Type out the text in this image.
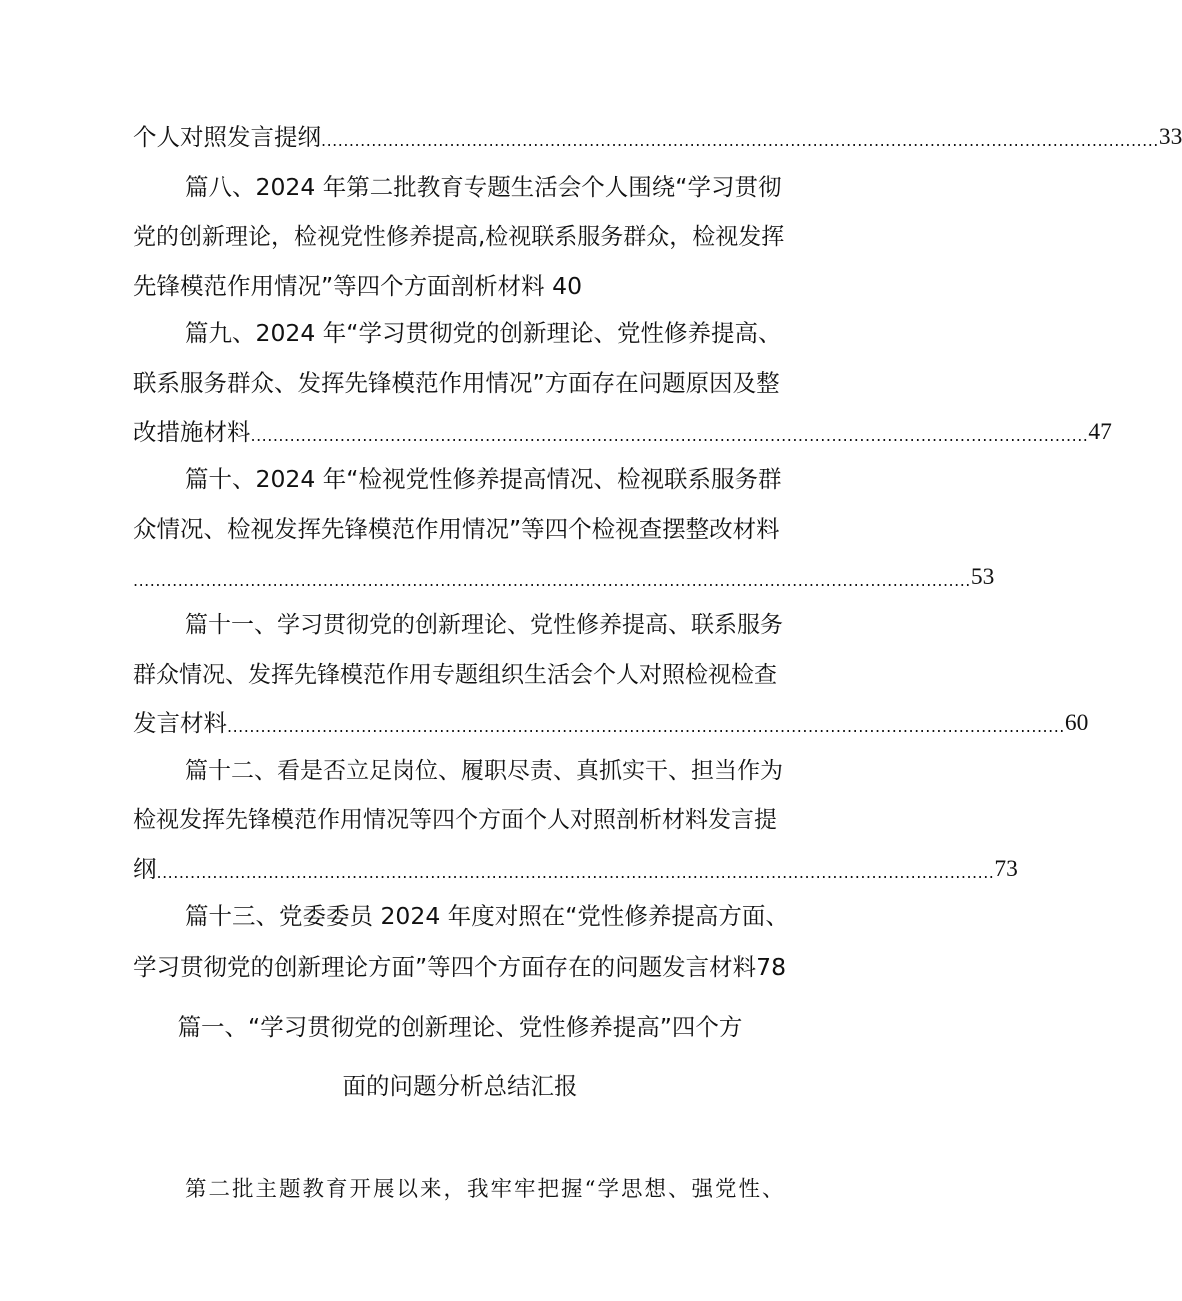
个人对照发言提纲 ...................................................................................................................................................... 33
篇八、2024 年第二批教育专题生活会个人围绕“学习贯彻
党的创新理论，检视党性修养提高,检视联系服务群众，检视发挥
先锋模范作用情况”等四个方面剖析材料 40
篇九、2024 年“学习贯彻党的创新理论、党性修养提高、
联系服务群众、发挥先锋模范作用情况”方面存在问题原因及整
改措施材料 ...................................................................................................................................................... 47
篇十、2024 年“检视党性修养提高情况、检视联系服务群
众情况、检视发挥先锋模范作用情况”等四个检视查摆整改材料
...................................................................................................................................................... 53
篇十一、学习贯彻党的创新理论、党性修养提高、联系服务
群众情况、发挥先锋模范作用专题组织生活会个人对照检视检查
发言材料 ...................................................................................................................................................... 60
篇十二、看是否立足岗位、履职尽责、真抓实干、担当作为
检视发挥先锋模范作用情况等四个方面个人对照剖析材料发言提
纲 ...................................................................................................................................................... 73
篇十三、党委委员 2024 年度对照在“党性修养提高方面、
学习贯彻党的创新理论方面”等四个方面存在的问题发言材料78
篇一、“学习贯彻党的创新理论、党性修养提高”四个方
面的问题分析总结汇报
第二批主题教育开展以来，我牢牢把握“学思想、强党性、
